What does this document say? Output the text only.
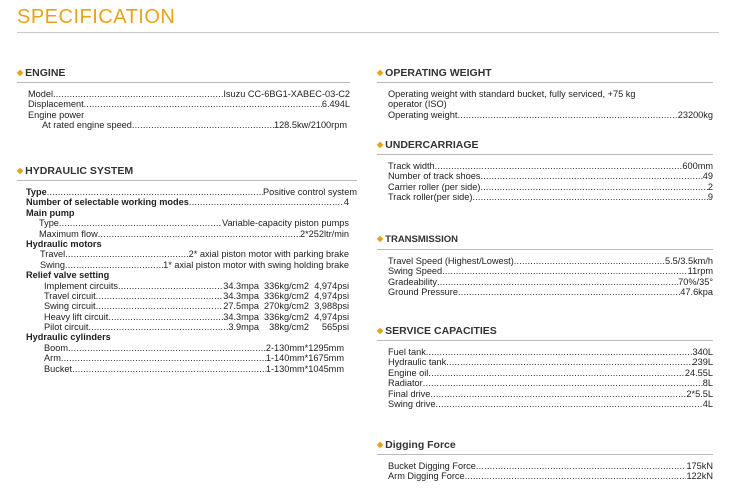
SPECIFICATION
◆ ENGINE
Model .....	Isuzu CC-6BG1-XABEC-03-C2
Displacement .....	6.494L
Engine power
At rated engine speed .....	128.5kw/2100rpm
◆ HYDRAULIC SYSTEM
Type .....	Positive control system
Number of selectable working modes .....	4
Main pump
Type .....	Variable-capacity piston pumps
Maximum flow .....	2*252ltr/min
Hydraulic motors
Travel .....	2* axial piston motor with parking brake
Swing .....	1* axial piston motor with swing holding brake
Relief valve setting
Implement circuits .....	34.3mpa 336kg/cm2 4,974psi
Travel circuit .....	34.3mpa 336kg/cm2 4,974psi
Swing circuit .....	27.5mpa 270kg/cm2 3,988psi
Heavy lift circuit .....	34.3mpa 336kg/cm2 4,974psi
Pilot circuit .....	3.9mpa 38kg/cm2 565psi
Hydraulic cylinders
Boom .....	2-130mm*1295mm
Arm .....	1-140mm*1675mm
Bucket .....	1-130mm*1045mm
◆ OPERATING WEIGHT
Operating weight with standard bucket, fully serviced, +75 kg
operator (ISO)
Operating weight .....	23200kg
◆ UNDERCARRIAGE
Track width .....	600mm
Number of track shoes .....	49
Carrier roller (per side) .....	2
Track roller(per side) .....	9
◆ TRANSMISSION
Travel Speed (Highest/Lowest) .....	5.5/3.5km/h
Swing Speed .....	11rpm
Gradeability .....	70%/35°
Ground Pressure .....	47.6kpa
◆ SERVICE CAPACITIES
Fuel tank .....	340L
Hydraulic tank .....	239L
Engine oil .....	24.55L
Radiator .....	8L
Final drive .....	2*5.5L
Swing drive .....	4L
◆ Digging Force
Bucket Digging Force .....	175kN
Arm Digging Force .....	122kN
